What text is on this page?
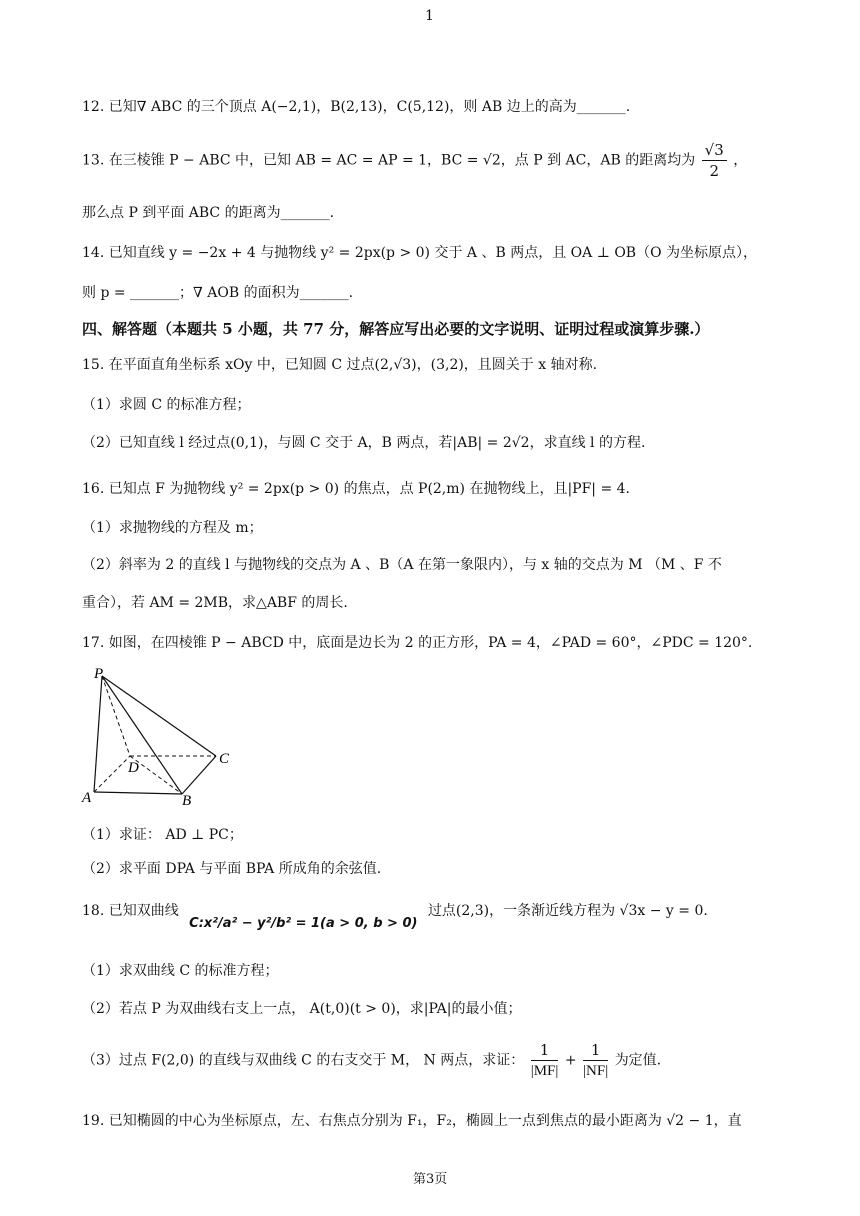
1
12. 已知∇ ABC 的三个顶点 A(−2,1)，B(2,13)，C(5,12)，则 AB 边上的高为_______.
13. 在三棱锥 P − ABC 中，已知 AB = AC = AP = 1，BC = √2，点 P 到 AC，AB 的距离均为 $\frac{√3}{2}$ ，
那么点 P 到平面 ABC 的距离为_______.
14. 已知直线 y = −2x + 4 与抛物线 y² = 2px(p > 0) 交于 A 、B 两点，且 OA ⊥ OB（O 为坐标原点），
则 p = _______；∇ AOB 的面积为_______.
四、解答题（本题共 5 小题，共 77 分，解答应写出必要的文字说明、证明过程或演算步骤.）
15. 在平面直角坐标系 xOy 中，已知圆 C 过点(2,√3)，(3,2)，且圆关于 x 轴对称.
（1）求圆 C 的标准方程；
（2）已知直线 l 经过点(0,1)，与圆 C 交于 A，B 两点，若|AB| = 2√2，求直线 l 的方程.
16. 已知点 F 为抛物线 y² = 2px(p > 0) 的焦点，点 P(2,m) 在抛物线上，且|PF| = 4.
（1）求抛物线的方程及 m；
（2）斜率为 2 的直线 l 与抛物线的交点为 A 、B（A 在第一象限内），与 x 轴的交点为 M （M 、F 不
重合），若 AM = 2MB，求△ABF 的周长.
17. 如图，在四棱锥 P − ABCD 中，底面是边长为 2 的正方形，PA = 4，∠PAD = 60°，∠PDC = 120°.
P
D
C
A	B
（1）求证： AD ⊥ PC；
（2）求平面 DPA 与平面 BPA 所成角的余弦值.
18. 已知双曲线 C:x²/a² − y²/b² = 1(a > 0, b > 0) 过点(2,3)，一条渐近线方程为 √3x − y = 0.
（1）求双曲线 C 的标准方程；
（2）若点 P 为双曲线右支上一点， A(t,0)(t > 0)，求|PA|的最小值；
（3）过点 F(2,0) 的直线与双曲线 C 的右支交于 M， N 两点，求证： $\frac{1}{|MF|} + \frac{1}{|NF|}$ 为定值.
19. 已知椭圆的中心为坐标原点，左、右焦点分别为 F₁，F₂，椭圆上一点到焦点的最小距离为 √2 − 1，直
第3页
